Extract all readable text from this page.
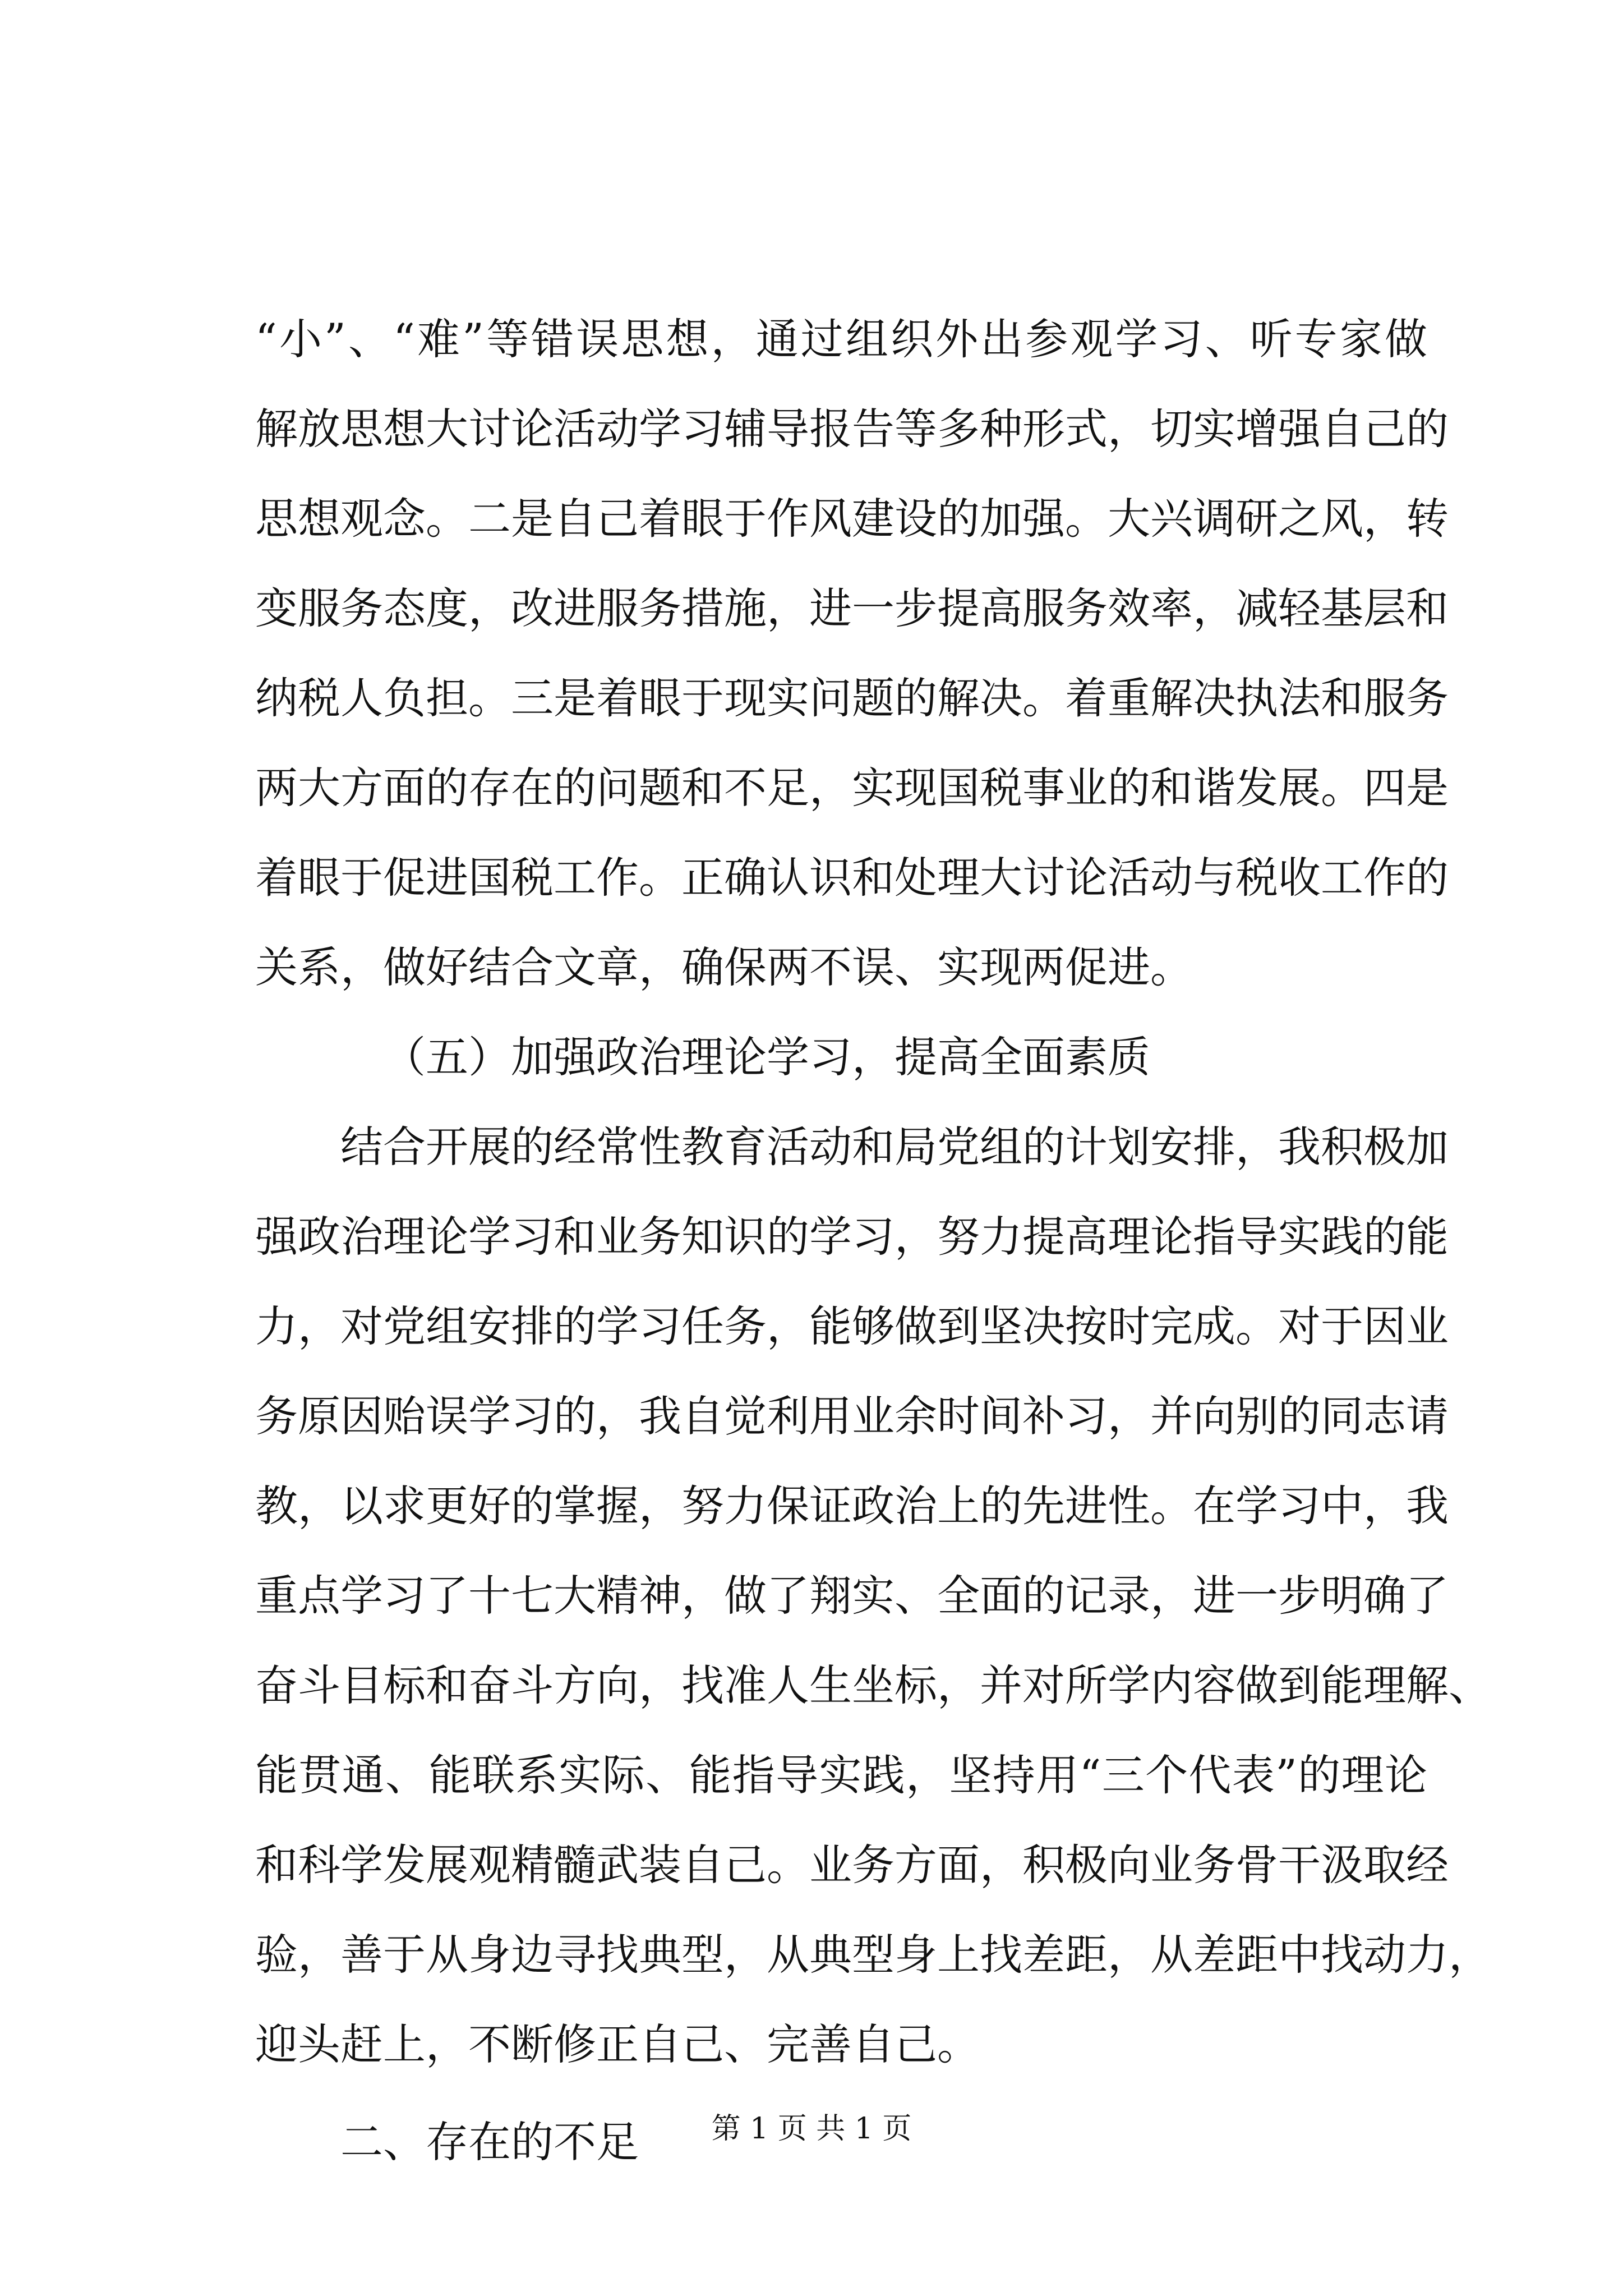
“小”、“难”等错误思想，通过组织外出参观学习、听专家做
解放思想大讨论活动学习辅导报告等多种形式，切实增强自己的
思想观念。二是自己着眼于作风建设的加强。大兴调研之风，转
变服务态度，改进服务措施，进一步提高服务效率，减轻基层和
纳税人负担。三是着眼于现实问题的解决。着重解决执法和服务
两大方面的存在的问题和不足，实现国税事业的和谐发展。四是
着眼于促进国税工作。正确认识和处理大讨论活动与税收工作的
关系，做好结合文章，确保两不误、实现两促进。
（五）加强政治理论学习，提高全面素质
结合开展的经常性教育活动和局党组的计划安排，我积极加
强政治理论学习和业务知识的学习，努力提高理论指导实践的能
力，对党组安排的学习任务，能够做到坚决按时完成。对于因业
务原因贻误学习的，我自觉利用业余时间补习，并向别的同志请
教，以求更好的掌握，努力保证政治上的先进性。在学习中，我
重点学习了十七大精神，做了翔实、全面的记录，进一步明确了
奋斗目标和奋斗方向，找准人生坐标，并对所学内容做到能理解、
能贯通、能联系实际、能指导实践，坚持用“三个代表”的理论
和科学发展观精髓武装自己。业务方面，积极向业务骨干汲取经
验，善于从身边寻找典型，从典型身上找差距，从差距中找动力，
迎头赶上，不断修正自己、完善自己。
二、存在的不足	第 1 页 共 1 页
